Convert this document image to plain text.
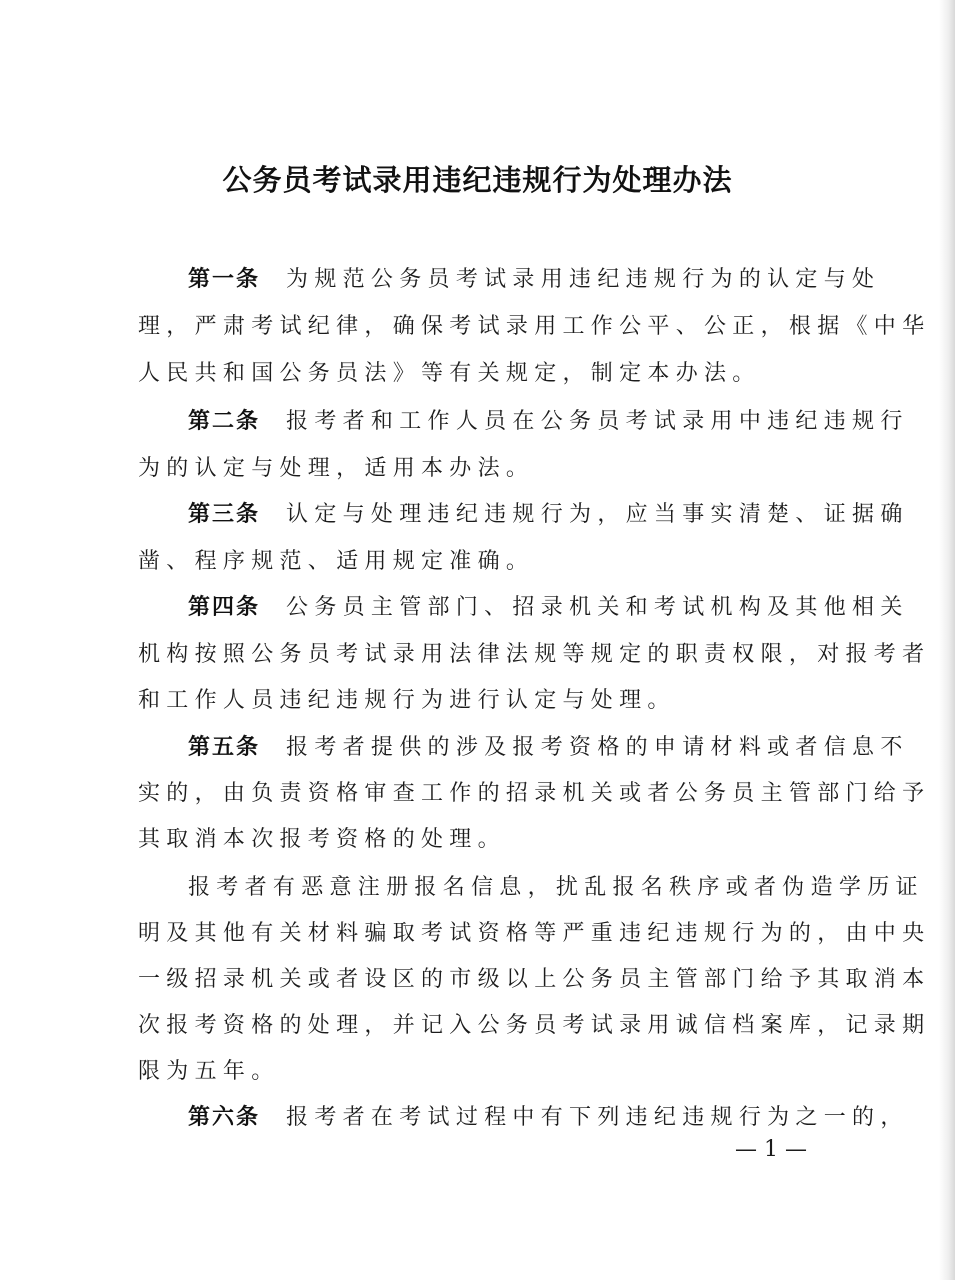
公务员考试录用违纪违规行为处理办法
第一条 为规范公务员考试录用违纪违规行为的认定与处
理，严肃考试纪律，确保考试录用工作公平、公正，根据《中华
人民共和国公务员法》等有关规定，制定本办法。
第二条 报考者和工作人员在公务员考试录用中违纪违规行
为的认定与处理，适用本办法。
第三条 认定与处理违纪违规行为，应当事实清楚、证据确
凿、程序规范、适用规定准确。
第四条 公务员主管部门、招录机关和考试机构及其他相关
机构按照公务员考试录用法律法规等规定的职责权限，对报考者
和工作人员违纪违规行为进行认定与处理。
第五条 报考者提供的涉及报考资格的申请材料或者信息不
实的，由负责资格审查工作的招录机关或者公务员主管部门给予
其取消本次报考资格的处理。
报考者有恶意注册报名信息，扰乱报名秩序或者伪造学历证
明及其他有关材料骗取考试资格等严重违纪违规行为的，由中央
一级招录机关或者设区的市级以上公务员主管部门给予其取消本
次报考资格的处理，并记入公务员考试录用诚信档案库，记录期
限为五年。
第六条 报考者在考试过程中有下列违纪违规行为之一的，
— 1 —
